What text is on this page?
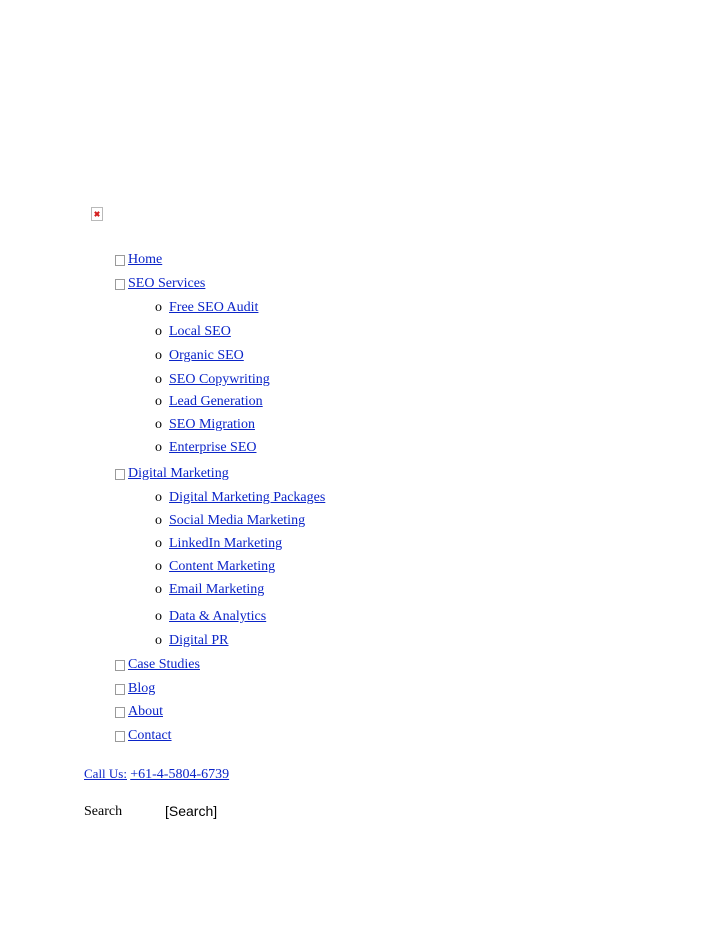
Home
SEO Services
o Free SEO Audit
o Local SEO
o Organic SEO
o SEO Copywriting
o Lead Generation
o SEO Migration
o Enterprise SEO
Digital Marketing
o Digital Marketing Packages
o Social Media Marketing
o LinkedIn Marketing
o Content Marketing
o Email Marketing
o Data & Analytics
o Digital PR
Case Studies
Blog
About
Contact
Call Us: +61-4-5804-6739
Search	[Search]
